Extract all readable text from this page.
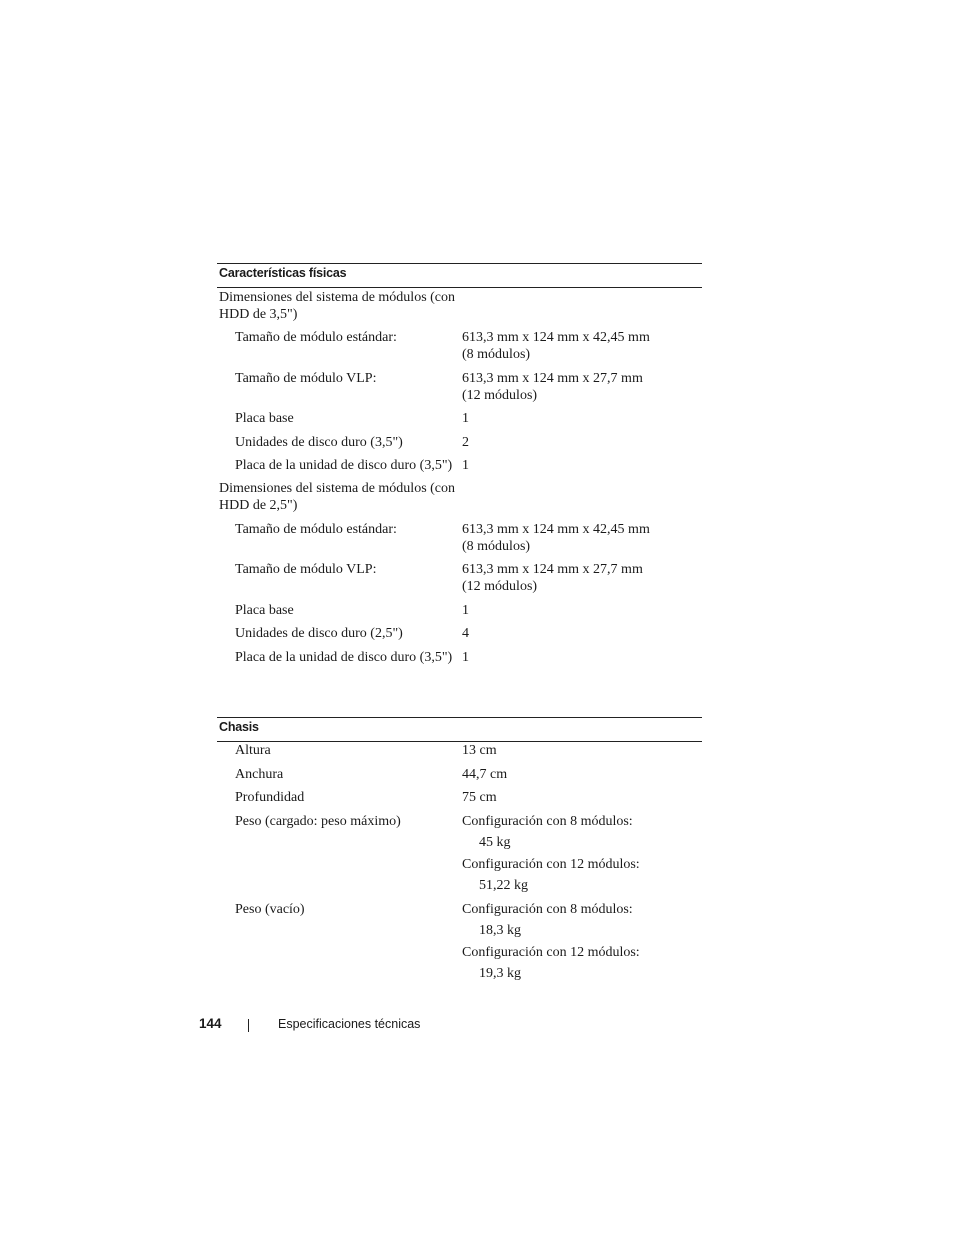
Características físicas
Dimensiones del sistema de módulos (con HDD de 3,5")
Tamaño de módulo estándar:	613,3 mm x 124 mm x 42,45 mm
(8 módulos)
Tamaño de módulo VLP:	613,3 mm x 124 mm x 27,7 mm
(12 módulos)
Placa base	1
Unidades de disco duro (3,5")	2
Placa de la unidad de disco duro (3,5") 1
Dimensiones del sistema de módulos (con HDD de 2,5")
Tamaño de módulo estándar:	613,3 mm x 124 mm x 42,45 mm
(8 módulos)
Tamaño de módulo VLP:	613,3 mm x 124 mm x 27,7 mm
(12 módulos)
Placa base	1
Unidades de disco duro (2,5")	4
Placa de la unidad de disco duro (3,5") 1
Chasis
Altura	13 cm
Anchura	44,7 cm
Profundidad	75 cm
Peso (cargado: peso máximo)	Configuración con 8 módulos:
45 kg
Configuración con 12 módulos:
51,22 kg
Peso (vacío)	Configuración con 8 módulos:
18,3 kg
Configuración con 12 módulos:
19,3 kg
144	Especificaciones técnicas
